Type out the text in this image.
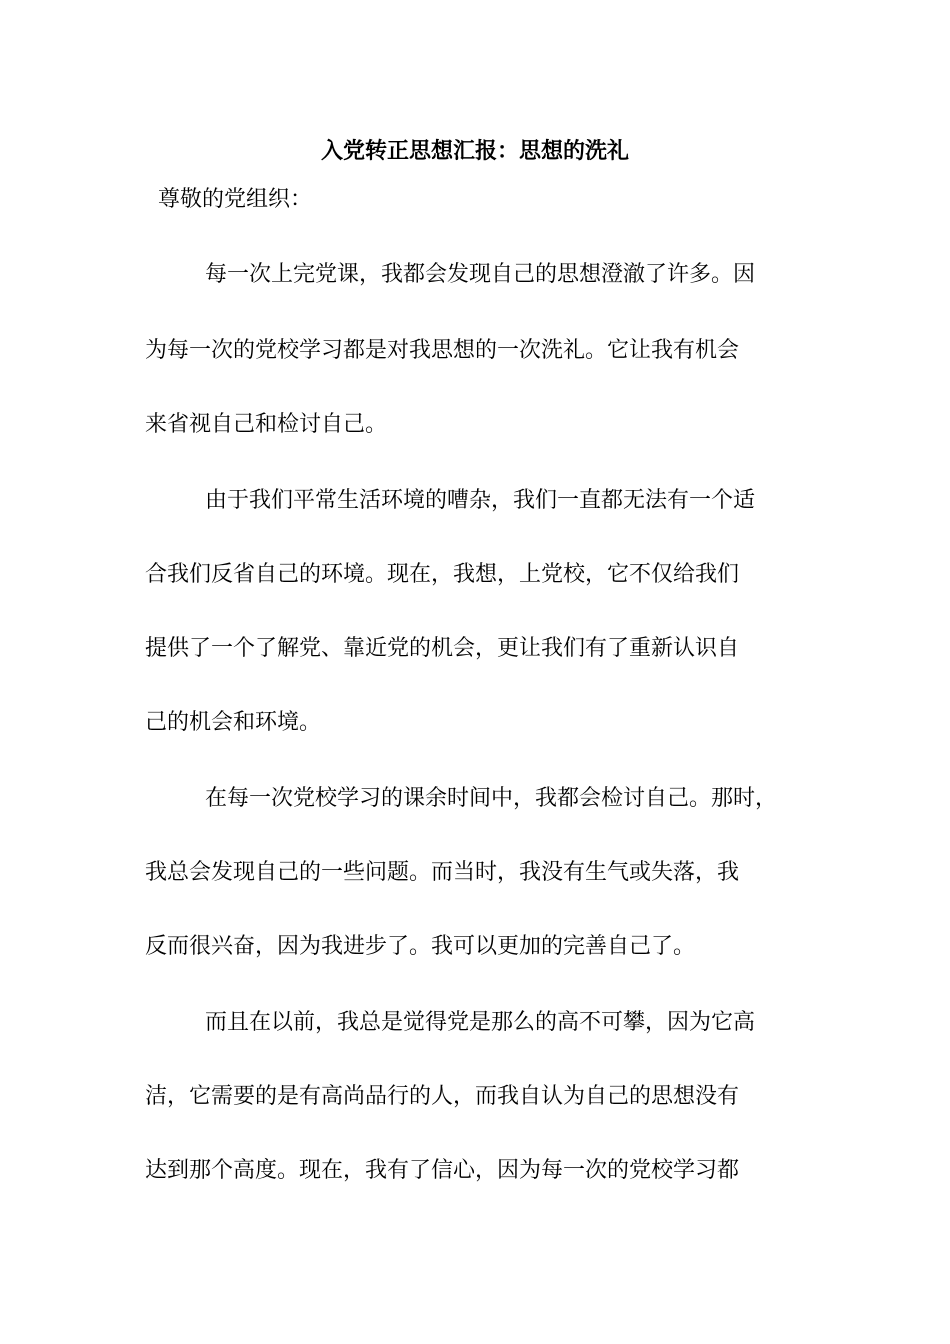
入党转正思想汇报：思想的洗礼
尊敬的党组织：
每一次上完党课，我都会发现自己的思想澄澈了许多。因
为每一次的党校学习都是对我思想的一次洗礼。它让我有机会
来省视自己和检讨自己。
由于我们平常生活环境的嘈杂，我们一直都无法有一个适
合我们反省自己的环境。现在，我想，上党校，它不仅给我们
提供了一个了解党、靠近党的机会，更让我们有了重新认识自
己的机会和环境。
在每一次党校学习的课余时间中，我都会检讨自己。那时，
我总会发现自己的一些问题。而当时，我没有生气或失落，我
反而很兴奋，因为我进步了。我可以更加的完善自己了。
而且在以前，我总是觉得党是那么的高不可攀，因为它高
洁，它需要的是有高尚品行的人，而我自认为自己的思想没有
达到那个高度。现在，我有了信心，因为每一次的党校学习都
